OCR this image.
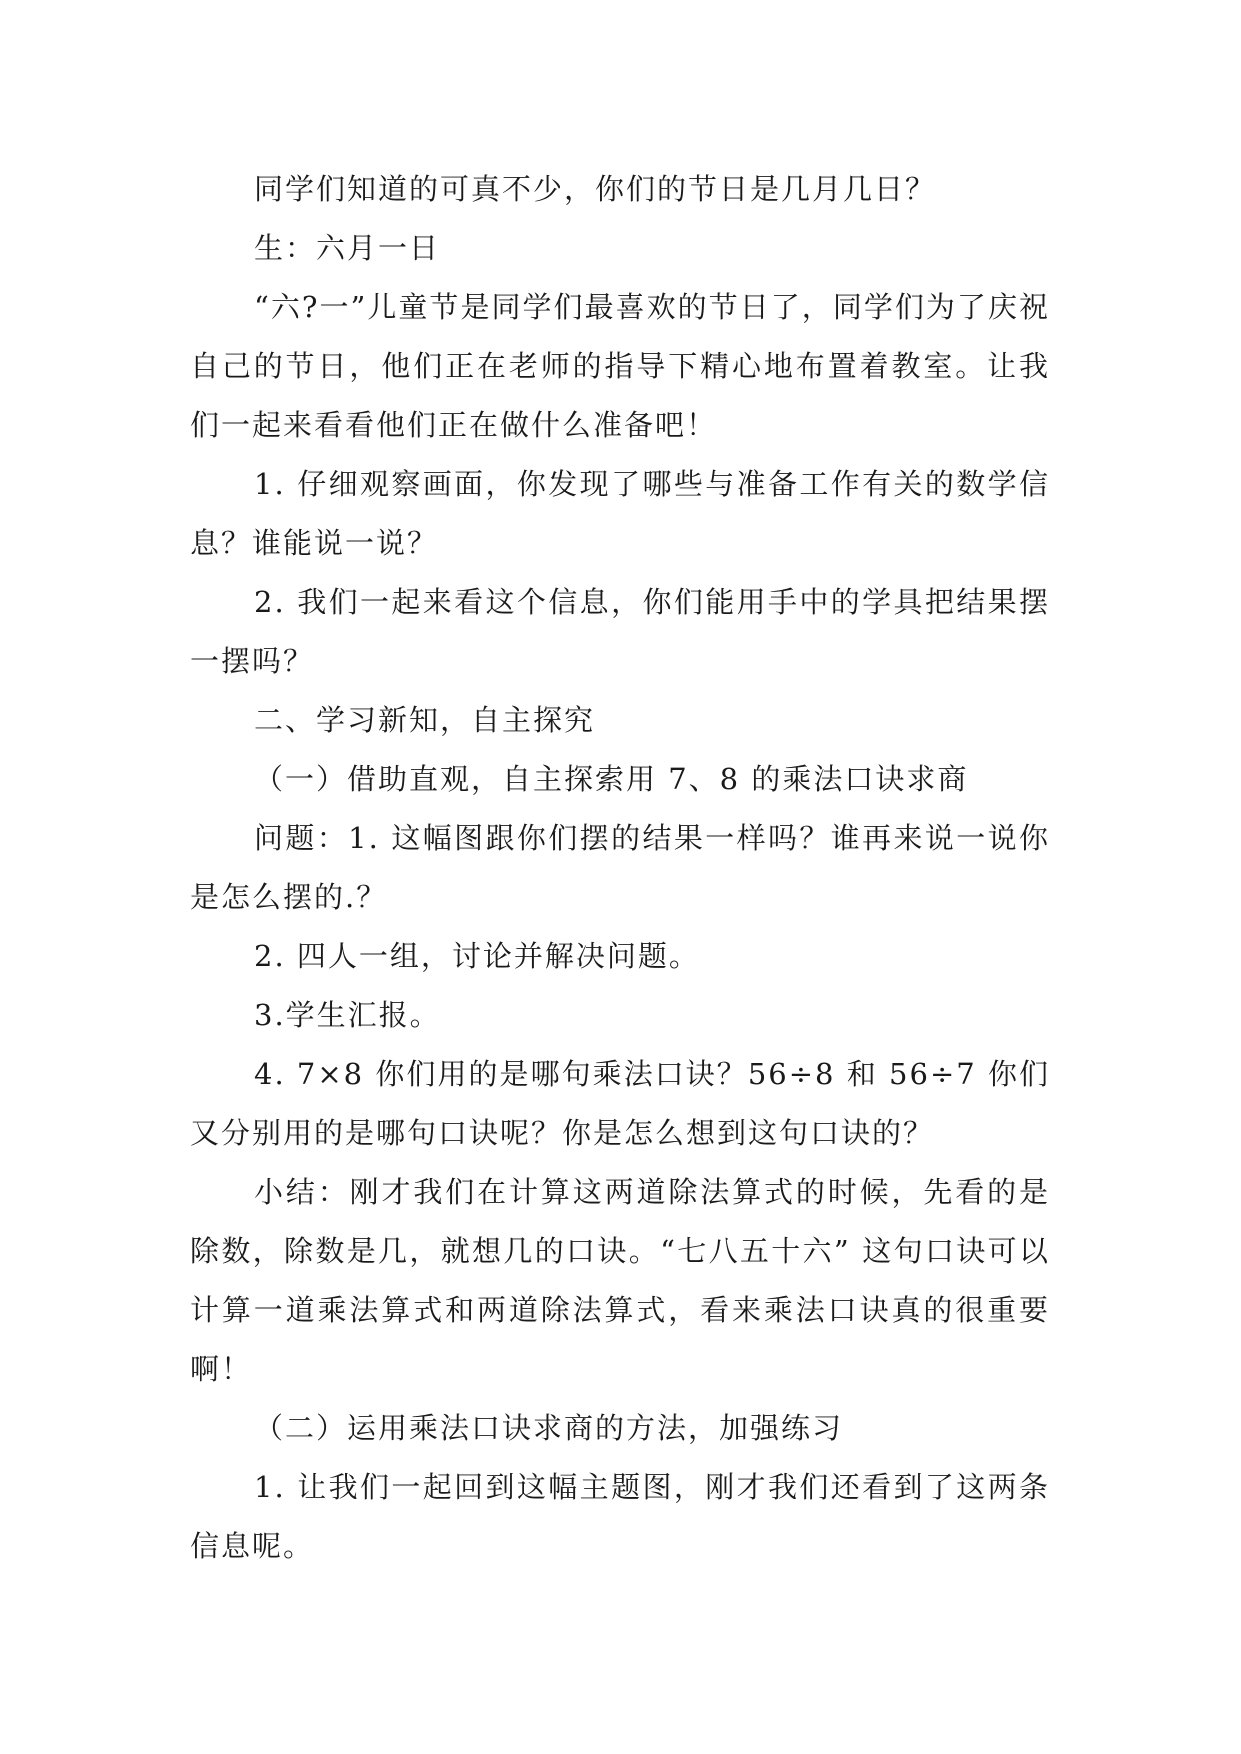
同学们知道的可真不少，你们的节日是几月几日？

生：六月一日

“六?一”儿童节是同学们最喜欢的节日了，同学们为了庆祝自己的节日，他们正在老师的指导下精心地布置着教室。让我们一起来看看他们正在做什么准备吧！

1. 仔细观察画面，你发现了哪些与准备工作有关的数学信息？谁能说一说？

2. 我们一起来看这个信息，你们能用手中的学具把结果摆一摆吗？

二、学习新知，自主探究

（一）借助直观，自主探索用 7、8 的乘法口诀求商

问题：1. 这幅图跟你们摆的结果一样吗？谁再来说一说你是怎么摆的.？

2. 四人一组，讨论并解决问题。

3.学生汇报。

4. 7×8 你们用的是哪句乘法口诀？56÷8 和 56÷7 你们又分别用的是哪句口诀呢？你是怎么想到这句口诀的？

小结：刚才我们在计算这两道除法算式的时候，先看的是除数，除数是几，就想几的口诀。“七八五十六” 这句口诀可以计算一道乘法算式和两道除法算式，看来乘法口诀真的很重要啊！

（二）运用乘法口诀求商的方法，加强练习

1. 让我们一起回到这幅主题图，刚才我们还看到了这两条信息呢。
